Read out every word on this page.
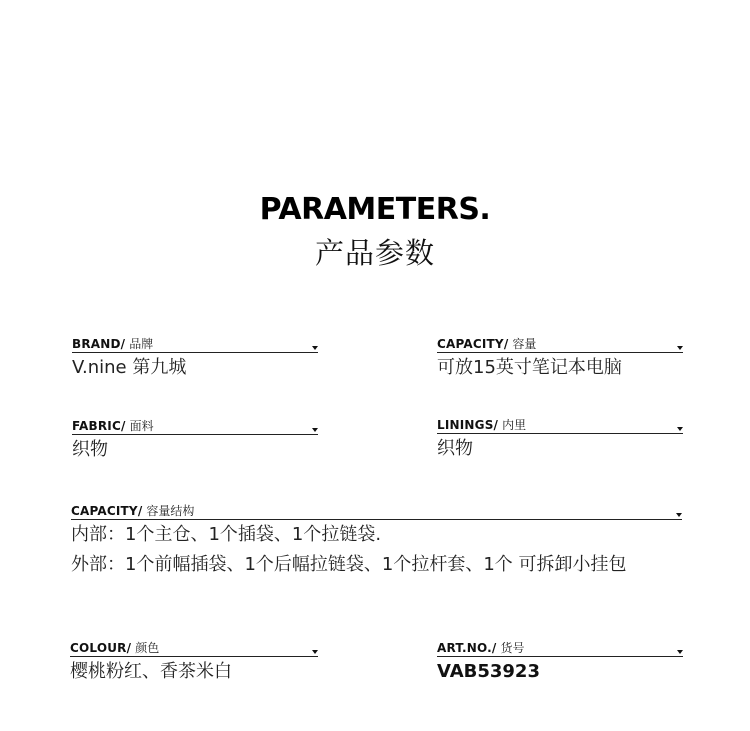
PARAMETERS.
产品参数
BRAND/ 品牌
V.nine 第九城
CAPACITY/ 容量
可放15英寸笔记本电脑
FABRIC/ 面料
织物
LININGS/ 内里
织物
CAPACITY/ 容量结构
内部：1个主仓、1个插袋、1个拉链袋.
外部：1个前幅插袋、1个后幅拉链袋、1个拉杆套、1个 可拆卸小挂包
COLOUR/ 颜色
樱桃粉红、香茶米白
ART.NO./ 货号
VAB53923
